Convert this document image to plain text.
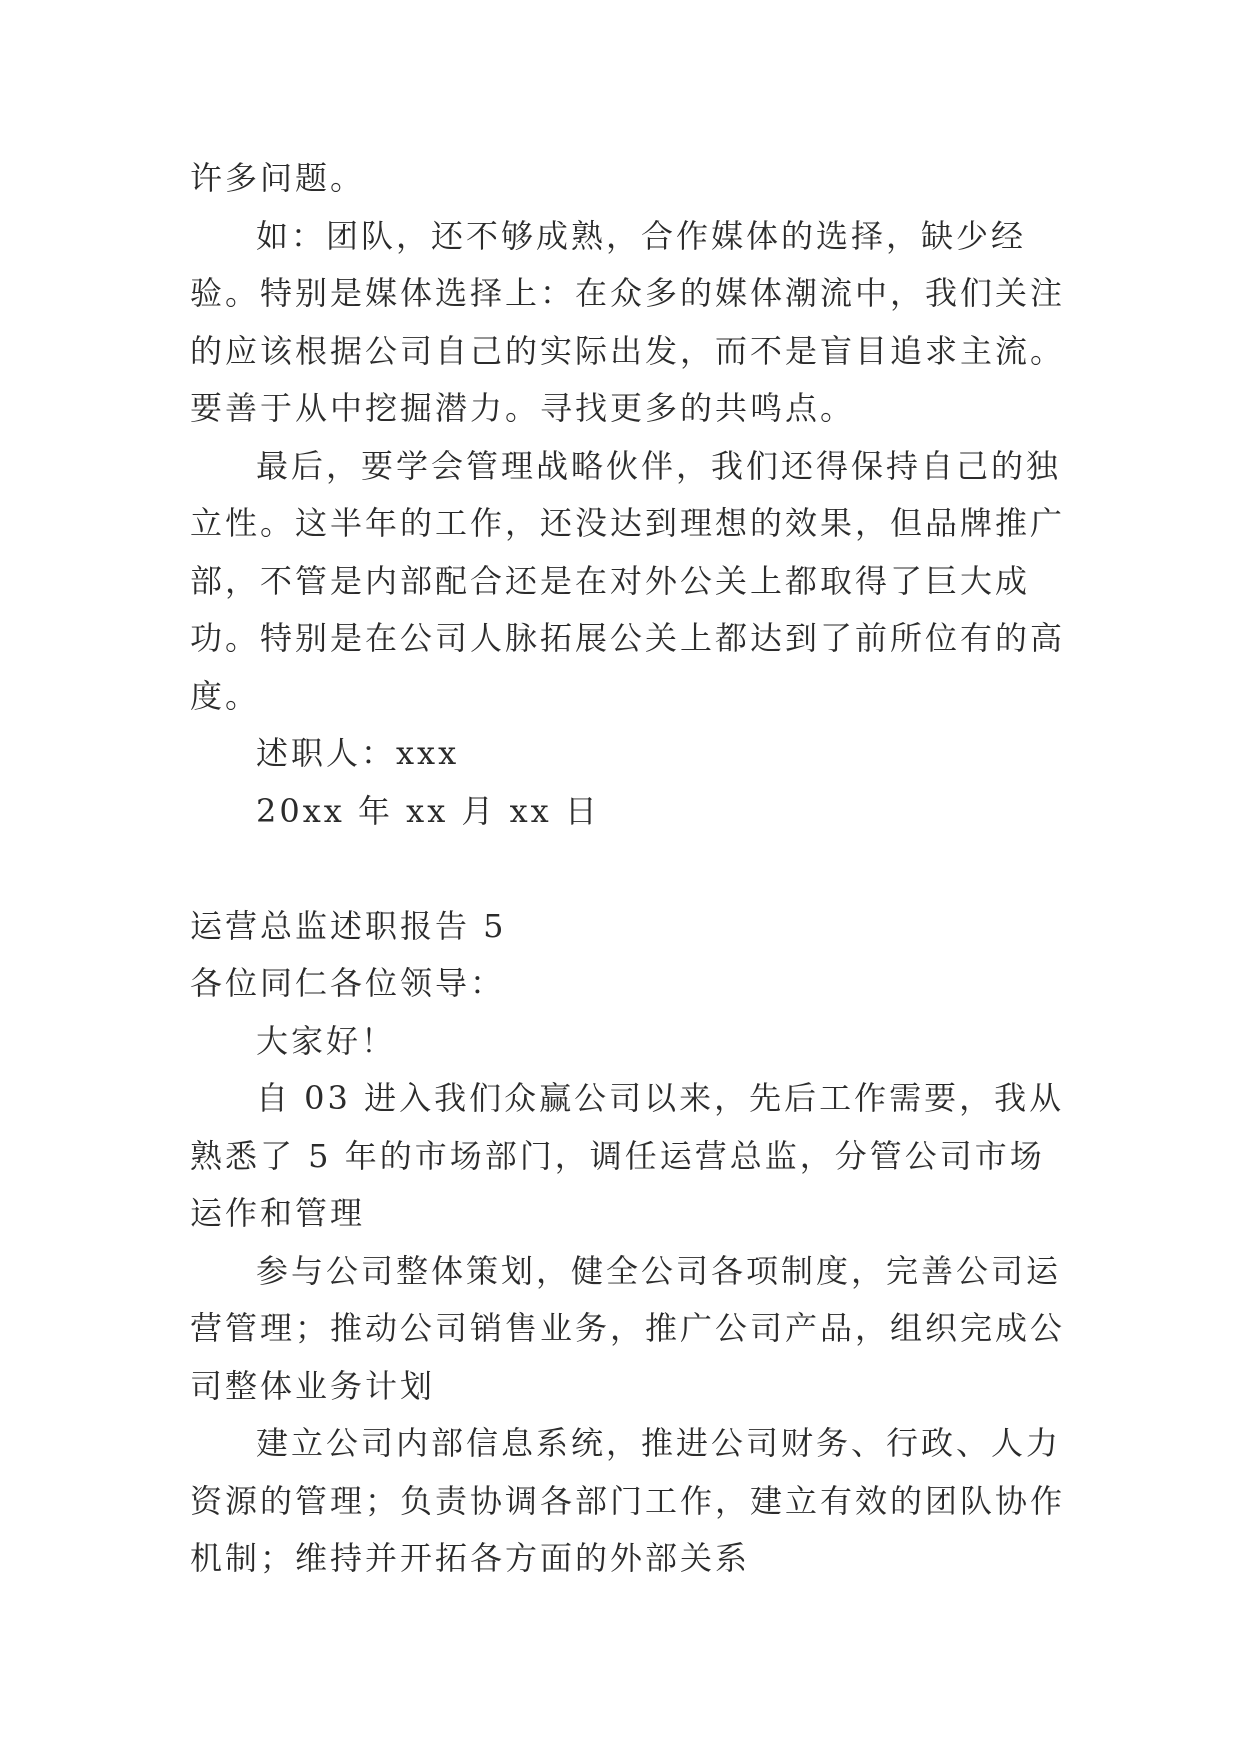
许多问题。

如：团队，还不够成熟，合作媒体的选择，缺少经验。特别是媒体选择上：在众多的媒体潮流中，我们关注的应该根据公司自己的实际出发，而不是盲目追求主流。要善于从中挖掘潜力。寻找更多的共鸣点。

最后，要学会管理战略伙伴，我们还得保持自己的独立性。这半年的工作，还没达到理想的效果，但品牌推广部，不管是内部配合还是在对外公关上都取得了巨大成功。特别是在公司人脉拓展公关上都达到了前所位有的高度。

述职人：xxx

20xx 年 xx 月 xx 日

运营总监述职报告 5

各位同仁各位领导：

大家好！

自 03 进入我们众赢公司以来，先后工作需要，我从熟悉了 5 年的市场部门，调任运营总监，分管公司市场运作和管理

参与公司整体策划，健全公司各项制度，完善公司运营管理；推动公司销售业务，推广公司产品，组织完成公司整体业务计划

建立公司内部信息系统，推进公司财务、行政、人力资源的管理；负责协调各部门工作，建立有效的团队协作机制；维持并开拓各方面的外部关系
